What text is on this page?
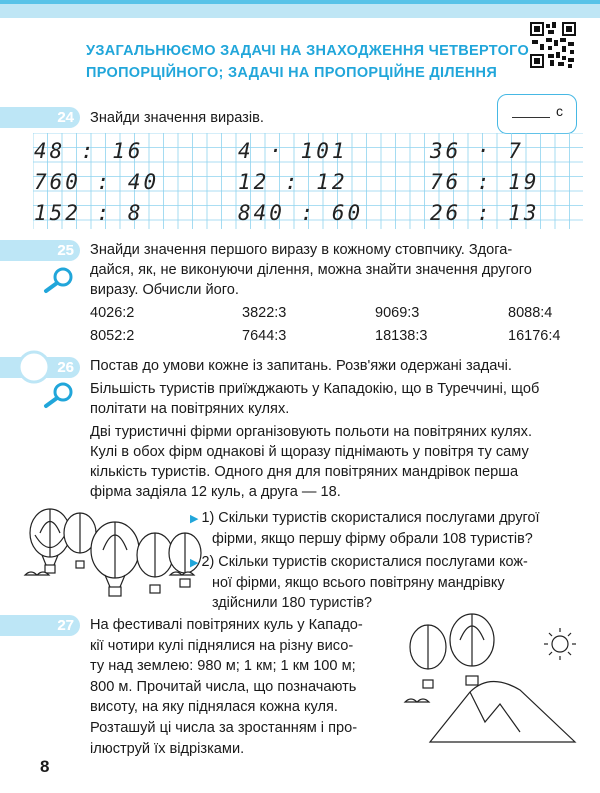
УЗАГАЛЬНЮЄМО ЗАДАЧІ НА ЗНАХОДЖЕННЯ ЧЕТВЕРТОГО
ПРОПОРЦІЙНОГО; ЗАДАЧІ НА ПРОПОРЦІЙНЕ ДІЛЕННЯ
24	Знайди значення виразів.	с
48 : 16	4 · 101	36 · 7
760 : 40	12 : 12	76 : 19
152 : 8	840 : 60	26 : 13
25	Знайди значення першого виразу в кожному стовпчику. Здога-
дайся, як, не виконуючи ділення, можна знайти значення другого
виразу. Обчисли його.
4026:2	3822:3	9069:3	8088:4
8052:2	7644:3	18138:3	16176:4
26	Постав до умови кожне із запитань. Розв'яжи одержані задачі.
Більшість туристів приїжджають у Кападокію, що в Туреччині, щоб
політати на повітряних кулях.
Дві туристичні фірми організовують польоти на повітряних кулях.
Кулі в обох фірм однакові й щоразу піднімають у повітря ту саму
кількість туристів. Одного дня для повітряних мандрівок перша
фірма задіяла 12 куль, а друга — 18.
▶ 1) Скільки туристів скористалися послугами другої
фірми, якщо першу фірму обрали 108 туристів?
▶ 2) Скільки туристів скористалися послугами кож-
ної фірми, якщо всього повітряну мандрівку
здійснили 180 туристів?
27	На фестивалі повітряних куль у Кападо-
кії чотири кулі піднялися на різну висо-
ту над землею: 980 м; 1 км; 1 км 100 м;
800 м. Прочитай числа, що позначають
висоту, на яку піднялася кожна куля.
Розташуй ці числа за зростанням і про-
ілюструй їх відрізками.
8
